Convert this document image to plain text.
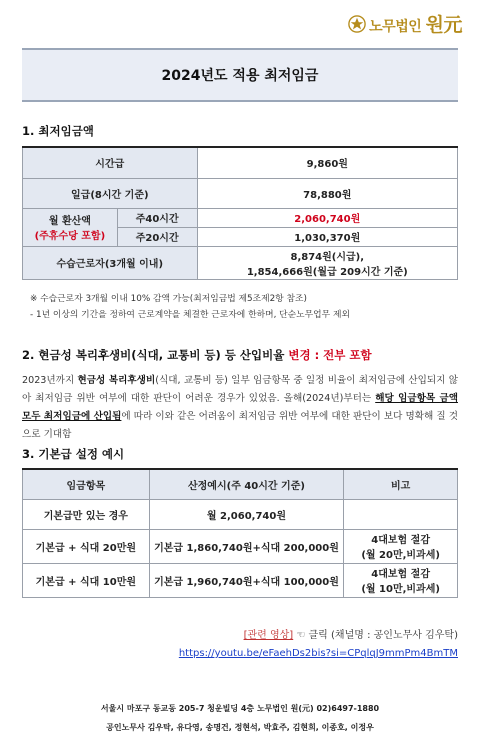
노무법인 원元
2024년도 적용 최저임금
1. 최저임금액
시간급		9,860원
일급(8시간 기준)		78,880원

월 환산액
(주휴수당 포함)	주40시간	2,060,740원
	주20시간	1,030,370원
수습근로자(3개월 이내)		8,874원(시급),
1,854,666원(월급 209시간 기준)
※ 수습근로자 3개월 이내 10% 감액 가능(최저임금법 제5조제2항 참조)
- 1년 이상의 기간을 정하여 근로계약을 체결한 근로자에 한하며, 단순노무업무 제외
2. 현금성 복리후생비(식대, 교통비 등) 등 산입비율 변경 : 전부 포함
2023년까지 현금성 복리후생비(식대, 교통비 등) 일부 임금항목 중 일정 비율이 최저임금에 산입되지 않아 최저임금 위반 여부에 대한 판단이 어려운 경우가 있었음. 올해(2024년)부터는 해당 임금항목 금액 모두 최저임금에 산입됨에 따라 이와 같은 어려움이 최저임금 위반 여부에 대한 판단이 보다 명확해 질 것으로 기대함
3. 기본급 설정 예시
임금항목	산정예시(주 40시간 기준)	비고
기본급만 있는 경우	월 2,060,740원	

기본급 + 식대 20만원	기본급 1,860,740원+식대 200,000원	4대보험 절감
(월 20만,비과세)

기본급 + 식대 10만원	기본급 1,960,740원+식대 100,000원	4대보험 절감
(월 10만,비과세)
[관련 영상] ☜ 클릭 (채널명 : 공인노무사 김우탁)
https://youtu.be/eFaehDs2bis?si=CPqlqJ9mmPm4BmTM
서울시 마포구 동교동 205-7 청운빌딩 4층 노무법인 원(元) 02)6497-1880
공인노무사 김우탁, 유다영, 송명건, 정현석, 박효주, 김현희, 이종호, 이정우
